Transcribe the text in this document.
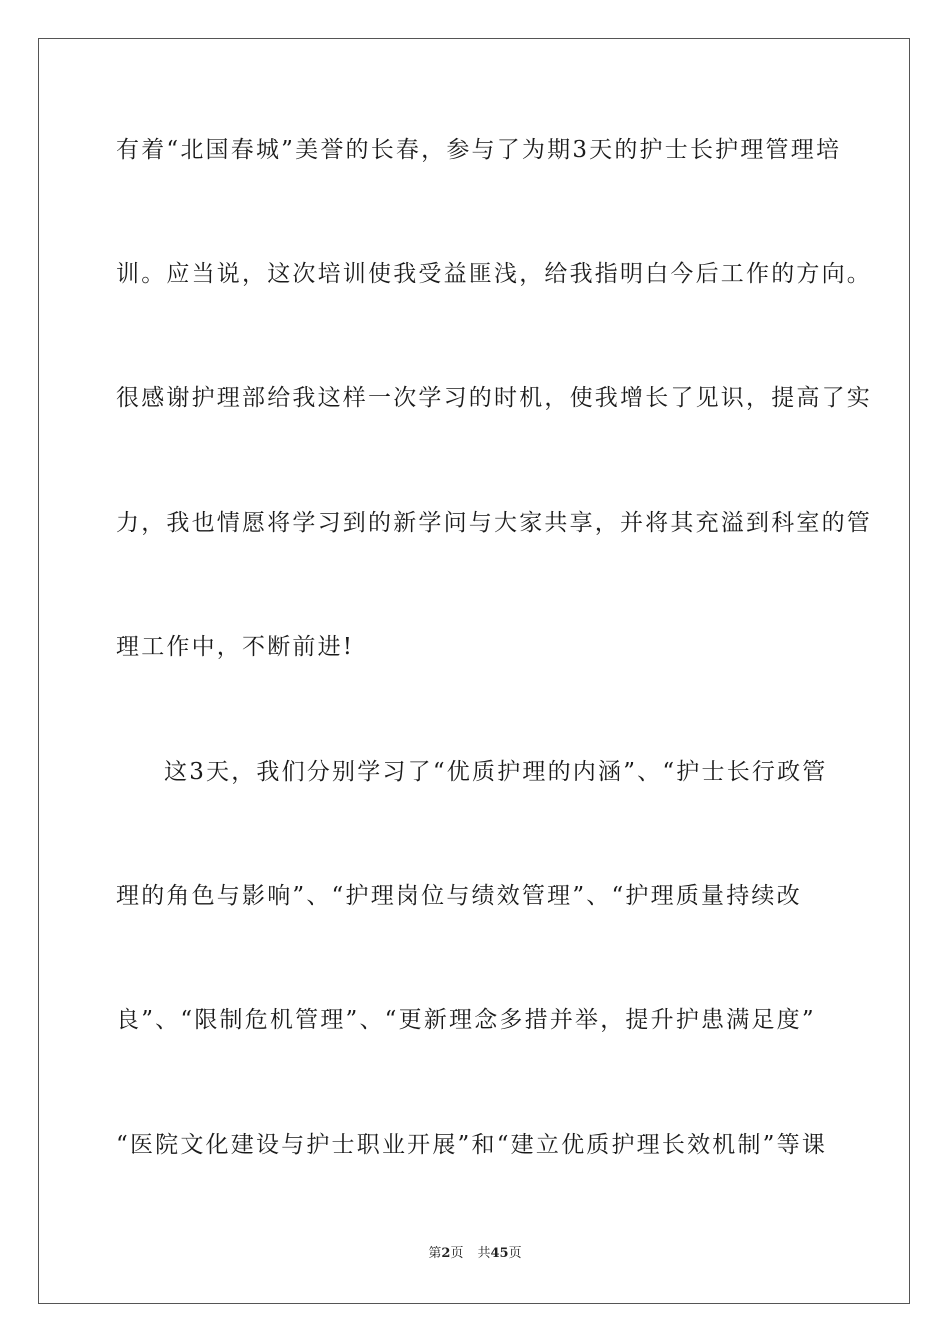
有着“北国春城”美誉的长春，参与了为期3天的护士长护理管理培
训。应当说，这次培训使我受益匪浅，给我指明白今后工作的方向。
很感谢护理部给我这样一次学习的时机，使我增长了见识，提高了实
力，我也情愿将学习到的新学问与大家共享，并将其充溢到科室的管
理工作中，不断前进!
这3天，我们分别学习了“优质护理的内涵”、“护士长行政管
理的角色与影响”、“护理岗位与绩效管理”、“护理质量持续改
良”、“限制危机管理”、“更新理念多措并举，提升护患满足度”
“医院文化建设与护士职业开展”和“建立优质护理长效机制”等课
第2页 共45页
